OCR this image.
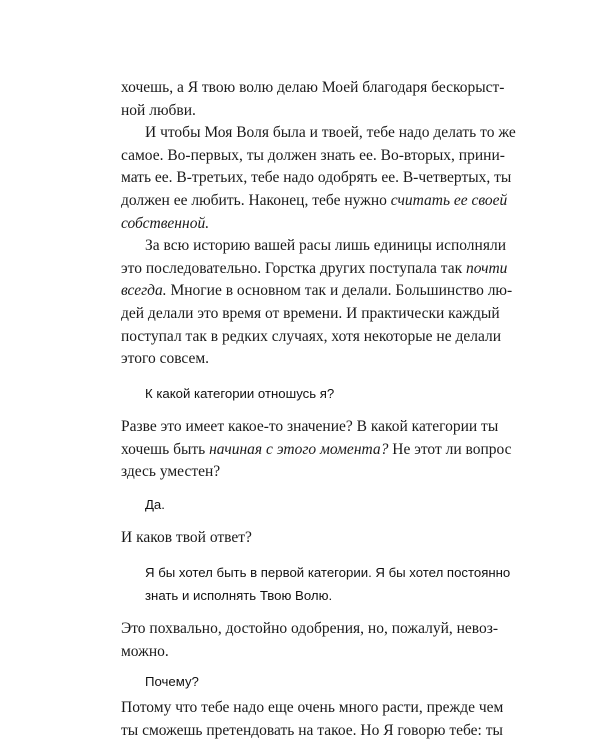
хочешь, а Я твою волю делаю Моей благодаря бескорыст-
ной любви.
И чтобы Моя Воля была и твоей, тебе надо делать то же
самое. Во-первых, ты должен знать ее. Во-вторых, прини-
мать ее. В-третьих, тебе надо одобрять ее. В-четвертых, ты
должен ее любить. Наконец, тебе нужно считать ее своей
собственной.
За всю историю вашей расы лишь единицы исполняли
это последовательно. Горстка других поступала так почти
всегда. Многие в основном так и делали. Большинство лю-
дей делали это время от времени. И практически каждый
поступал так в редких случаях, хотя некоторые не делали
этого совсем.
К какой категории отношусь я?
Разве это имеет какое-то значение? В какой категории ты
хочешь быть начиная с этого момента? Не этот ли вопрос
здесь уместен?
Да.
И каков твой ответ?
Я бы хотел быть в первой категории. Я бы хотел постоянно
знать и исполнять Твою Волю.
Это похвально, достойно одобрения, но, пожалуй, невоз-
можно.
Почему?
Потому что тебе надо еще очень много расти, прежде чем
ты сможешь претендовать на такое. Но Я говорю тебе: ты
